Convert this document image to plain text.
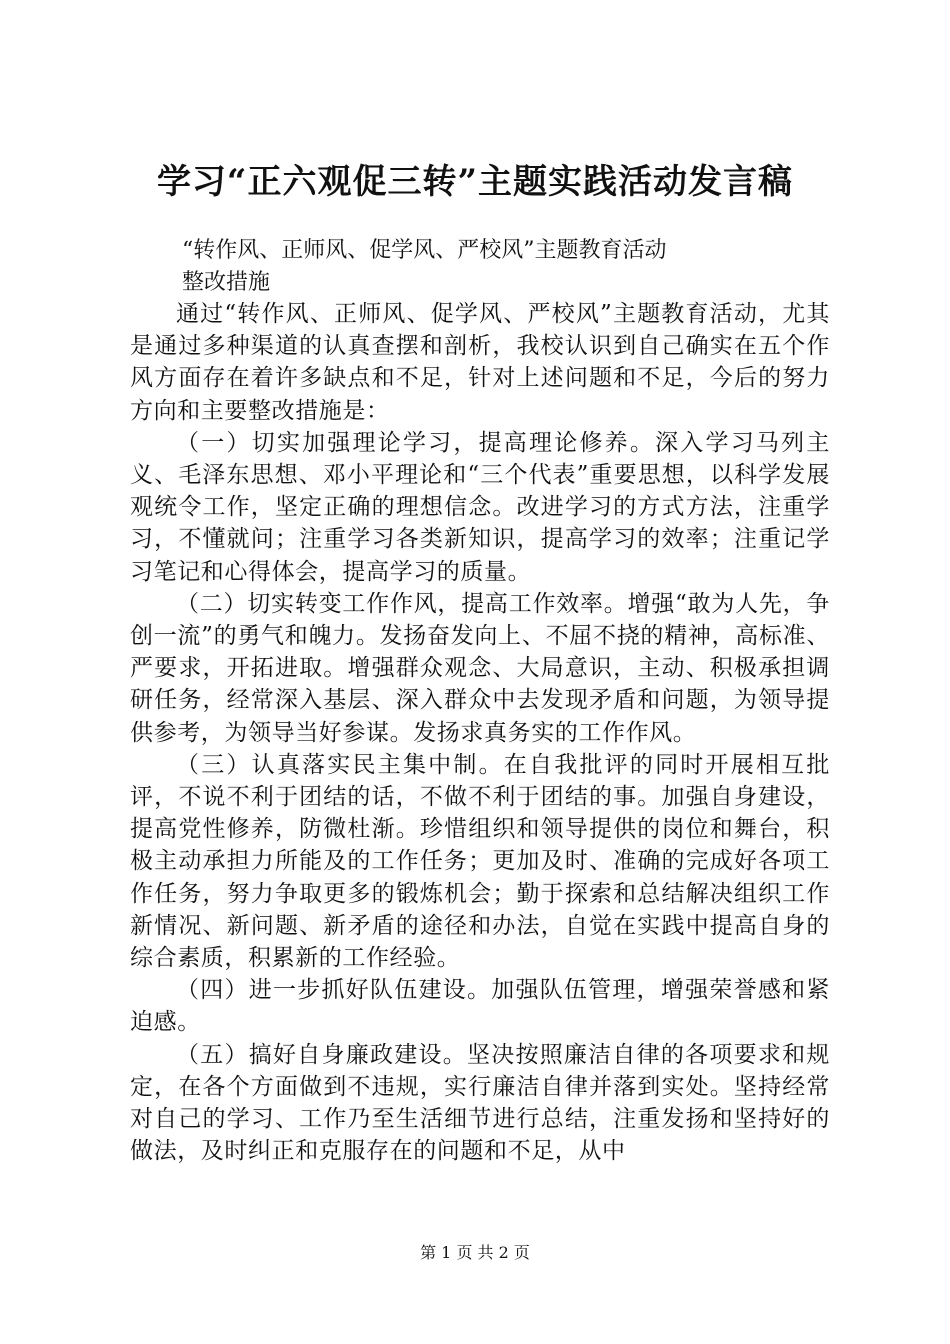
学习“正六观促三转”主题实践活动发言稿

“转作风、正师风、促学风、严校风”主题教育活动

整改措施

通过“转作风、正师风、促学风、严校风”主题教育活动，尤其是通过多种渠道的认真查摆和剖析，我校认识到自己确实在五个作风方面存在着许多缺点和不足，针对上述问题和不足，今后的努力方向和主要整改措施是：

（一）切实加强理论学习，提高理论修养。深入学习马列主义、毛泽东思想、邓小平理论和“三个代表”重要思想，以科学发展观统令工作，坚定正确的理想信念。改进学习的方式方法，注重学习，不懂就问；注重学习各类新知识，提高学习的效率；注重记学习笔记和心得体会，提高学习的质量。

（二）切实转变工作作风，提高工作效率。增强“敢为人先，争创一流”的勇气和魄力。发扬奋发向上、不屈不挠的精神，高标准、严要求，开拓进取。增强群众观念、大局意识，主动、积极承担调研任务，经常深入基层、深入群众中去发现矛盾和问题，为领导提供参考，为领导当好参谋。发扬求真务实的工作作风。

（三）认真落实民主集中制。在自我批评的同时开展相互批评，不说不利于团结的话，不做不利于团结的事。加强自身建设，提高党性修养，防微杜渐。珍惜组织和领导提供的岗位和舞台，积极主动承担力所能及的工作任务；更加及时、准确的完成好各项工作任务，努力争取更多的锻炼机会；勤于探索和总结解决组织工作新情况、新问题、新矛盾的途径和办法，自觉在实践中提高自身的综合素质，积累新的工作经验。

（四）进一步抓好队伍建设。加强队伍管理，增强荣誉感和紧迫感。

（五）搞好自身廉政建设。坚决按照廉洁自律的各项要求和规定，在各个方面做到不违规，实行廉洁自律并落到实处。坚持经常对自己的学习、工作乃至生活细节进行总结，注重发扬和坚持好的做法，及时纠正和克服存在的问题和不足，从中

第 1 页 共 2 页
